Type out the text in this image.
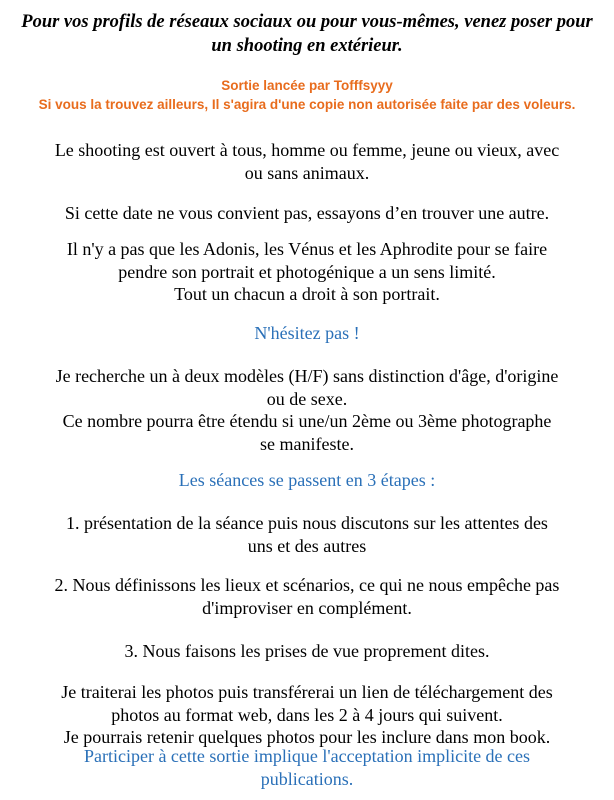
Pour vos profils de réseaux sociaux ou pour vous-mêmes, venez poser pour
un shooting en extérieur.
Sortie lancée par Tofffsyyy
Si vous la trouvez ailleurs, Il s'agira d'une copie non autorisée faite par des voleurs.
Le shooting est ouvert à tous, homme ou femme, jeune ou vieux, avec
ou sans animaux.
Si cette date ne vous convient pas, essayons d’en trouver une autre.
Il n'y a pas que les Adonis, les Vénus et les Aphrodite pour se faire
pendre son portrait et photogénique a un sens limité.
Tout un chacun a droit à son portrait.
N'hésitez pas !
Je recherche un à deux modèles (H/F) sans distinction d'âge, d'origine
ou de sexe.
Ce nombre pourra être étendu si une/un 2ème ou 3ème photographe
se manifeste.
Les séances se passent en 3 étapes :
1. présentation de la séance puis nous discutons sur les attentes des
uns et des autres
2. Nous définissons les lieux et scénarios, ce qui ne nous empêche pas
d'improviser en complément.
3. Nous faisons les prises de vue proprement dites.
Je traiterai les photos puis transférerai un lien de téléchargement des
photos au format web, dans les 2 à 4 jours qui suivent.
Je pourrais retenir quelques photos pour les inclure dans mon book.
Participer à cette sortie implique l'acceptation implicite de ces
publications.
